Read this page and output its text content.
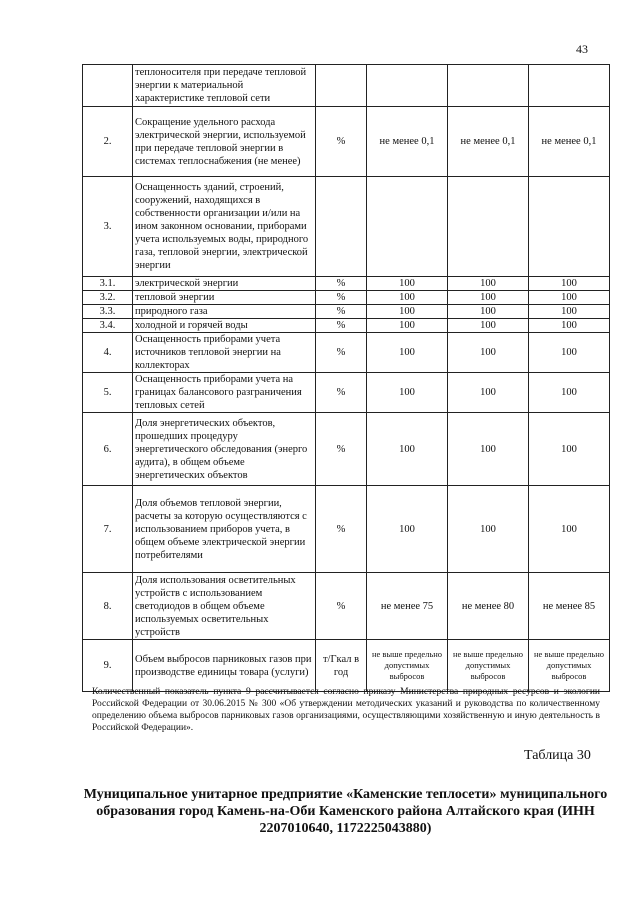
43
	теплоносителя при передаче тепловой энергии к материальной характеристике тепловой сети				
2.	Сокращение удельного расхода электрической энергии, используемой при передаче тепловой энергии в системах теплоснабжения (не менее)	%	не менее 0,1	не менее 0,1	не менее 0,1
3.	Оснащенность зданий, строений, сооружений, находящихся в собственности организации и/или на ином законном основании, приборами учета используемых воды, природного газа, тепловой энергии, электрической энергии				
3.1.	электрической энергии	%	100	100	100
3.2.	тепловой энергии	%	100	100	100
3.3.	природного газа	%	100	100	100
3.4.	холодной и горячей воды	%	100	100	100
4.	Оснащенность приборами учета источников тепловой энергии на коллекторах	%	100	100	100
5.	Оснащенность приборами учета на границах балансового разграничения тепловых сетей	%	100	100	100
6.	Доля энергетических объектов, прошедших процедуру энергетического обследования (энерго аудита), в общем объеме энергетических объектов	%	100	100	100
7.	Доля объемов тепловой энергии, расчеты за которую осуществляются с использованием приборов учета, в общем объеме электрической энергии потребителями	%	100	100	100
8.	Доля использования осветительных устройств с использованием светодиодов в общем объеме используемых осветительных устройств	%	не менее 75	не менее 80	не менее 85
9.	Объем выбросов парниковых газов при производстве единицы товара (услуги)	т/Гкал в год	не выше предельно допустимых выбросов	не выше предельно допустимых выбросов	не выше предельно допустимых выбросов
Количественный показатель пункта 9 рассчитывается согласно приказу Министерства природных ресурсов и экологии Российской Федерации от 30.06.2015 № 300 «Об утверждении методических указаний и руководства по количественному определению объема выбросов парниковых газов организациями, осуществляющими хозяйственную и иную деятельность в Российской Федерации».
Таблица 30
Муниципальное унитарное предприятие «Каменские теплосети» муниципального образования город Камень-на-Оби Каменского района Алтайского края (ИНН 2207010640, 1172225043880)
